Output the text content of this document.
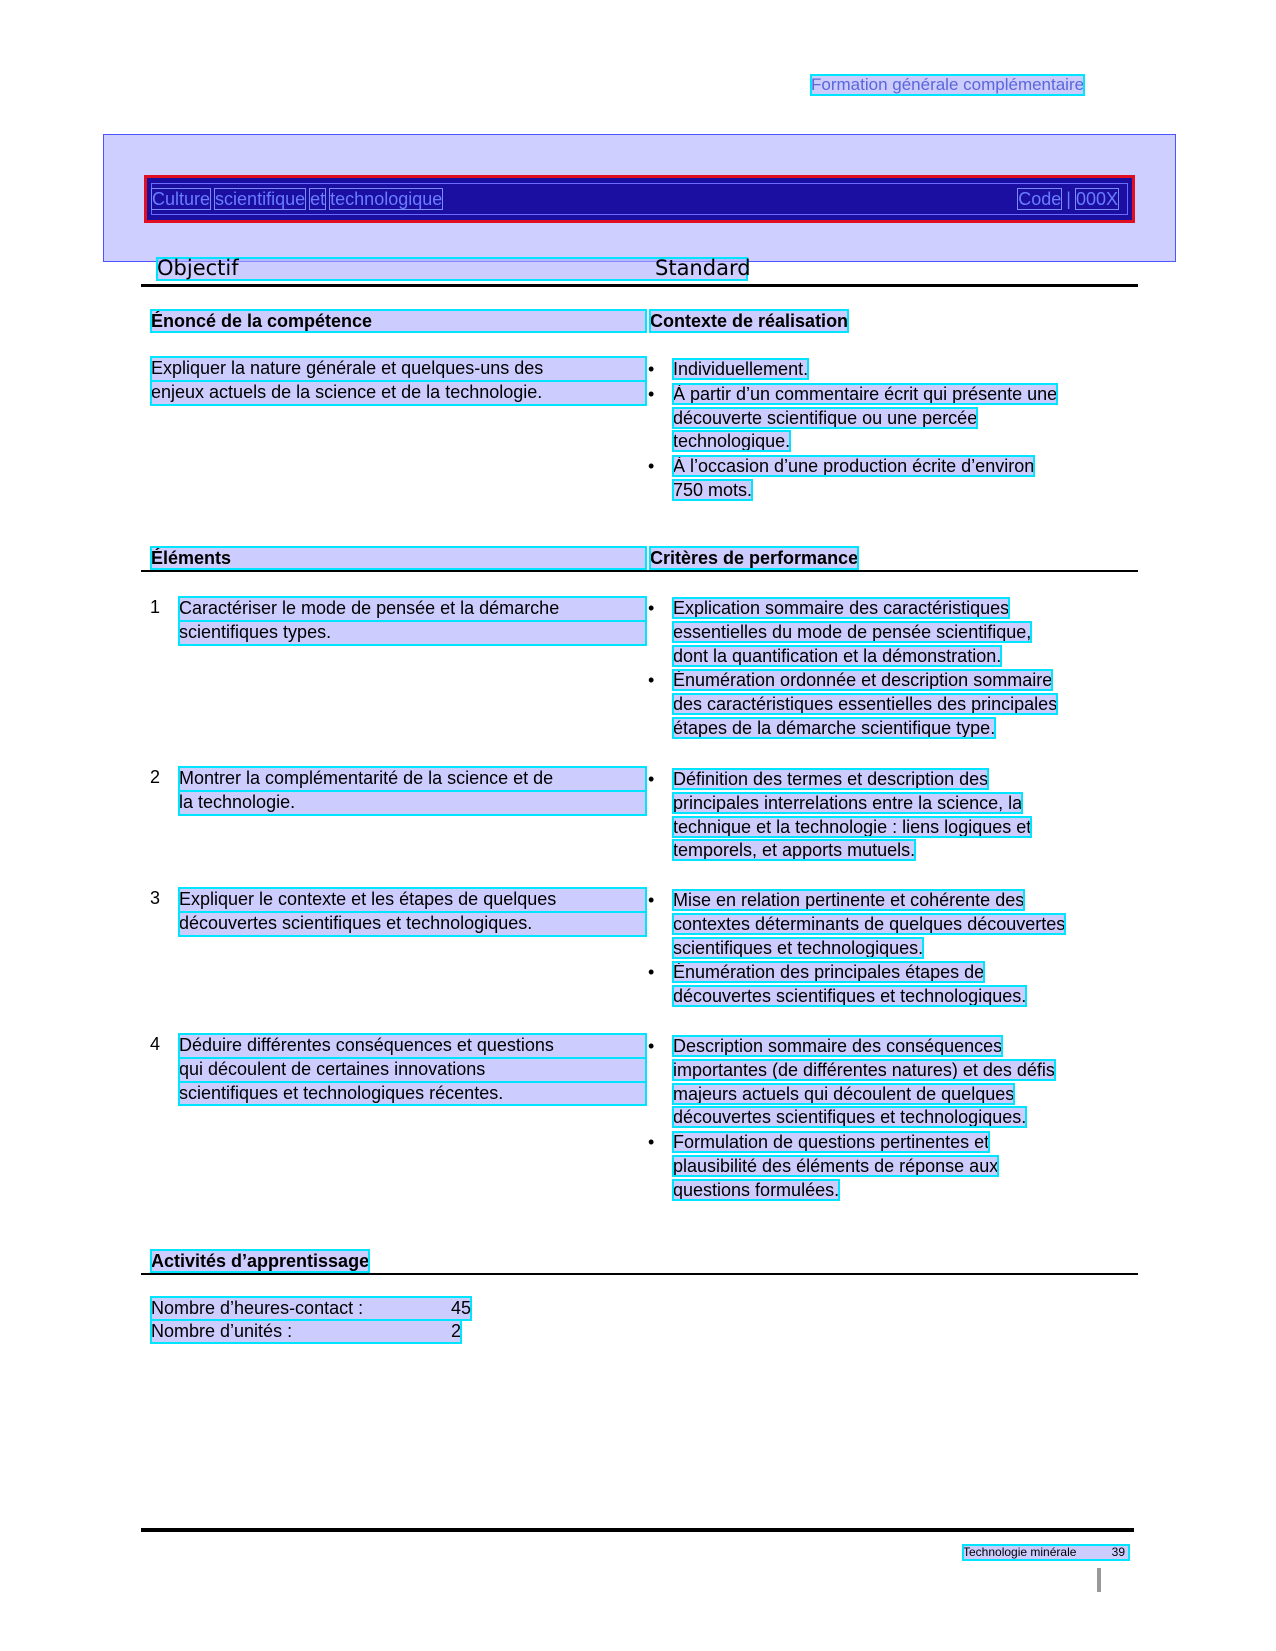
Formation générale complémentaire
Culture scientifique et technologique	Code | 000X
Objectif	Standard
Énoncé de la compétence	Contexte de réalisation
Expliquer la nature générale et quelques-uns des
enjeux actuels de la science et de la technologie.
• Individuellement.
• À partir d’un commentaire écrit qui présente une
découverte scientifique ou une percée
technologique.
• À l’occasion d’une production écrite d’environ
750 mots.
Éléments	Critères de performance
1	Caractériser le mode de pensée et la démarche
scientifiques types.
• Explication sommaire des caractéristiques
essentielles du mode de pensée scientifique,
dont la quantification et la démonstration.
• Énumération ordonnée et description sommaire
des caractéristiques essentielles des principales
étapes de la démarche scientifique type.
2	Montrer la complémentarité de la science et de
la technologie.
• Définition des termes et description des
principales interrelations entre la science, la
technique et la technologie : liens logiques et
temporels, et apports mutuels.
3	Expliquer le contexte et les étapes de quelques
découvertes scientifiques et technologiques.
• Mise en relation pertinente et cohérente des
contextes déterminants de quelques découvertes
scientifiques et technologiques.
• Énumération des principales étapes de
découvertes scientifiques et technologiques.
4	Déduire différentes conséquences et questions
qui découlent de certaines innovations
scientifiques et technologiques récentes.
• Description sommaire des conséquences
importantes (de différentes natures) et des défis
majeurs actuels qui découlent de quelques
découvertes scientifiques et technologiques.
• Formulation de questions pertinentes et
plausibilité des éléments de réponse aux
questions formulées.
Activités d’apprentissage
Nombre d’heures-contact :	45
Nombre d’unités :	2
Technologie minérale	39
